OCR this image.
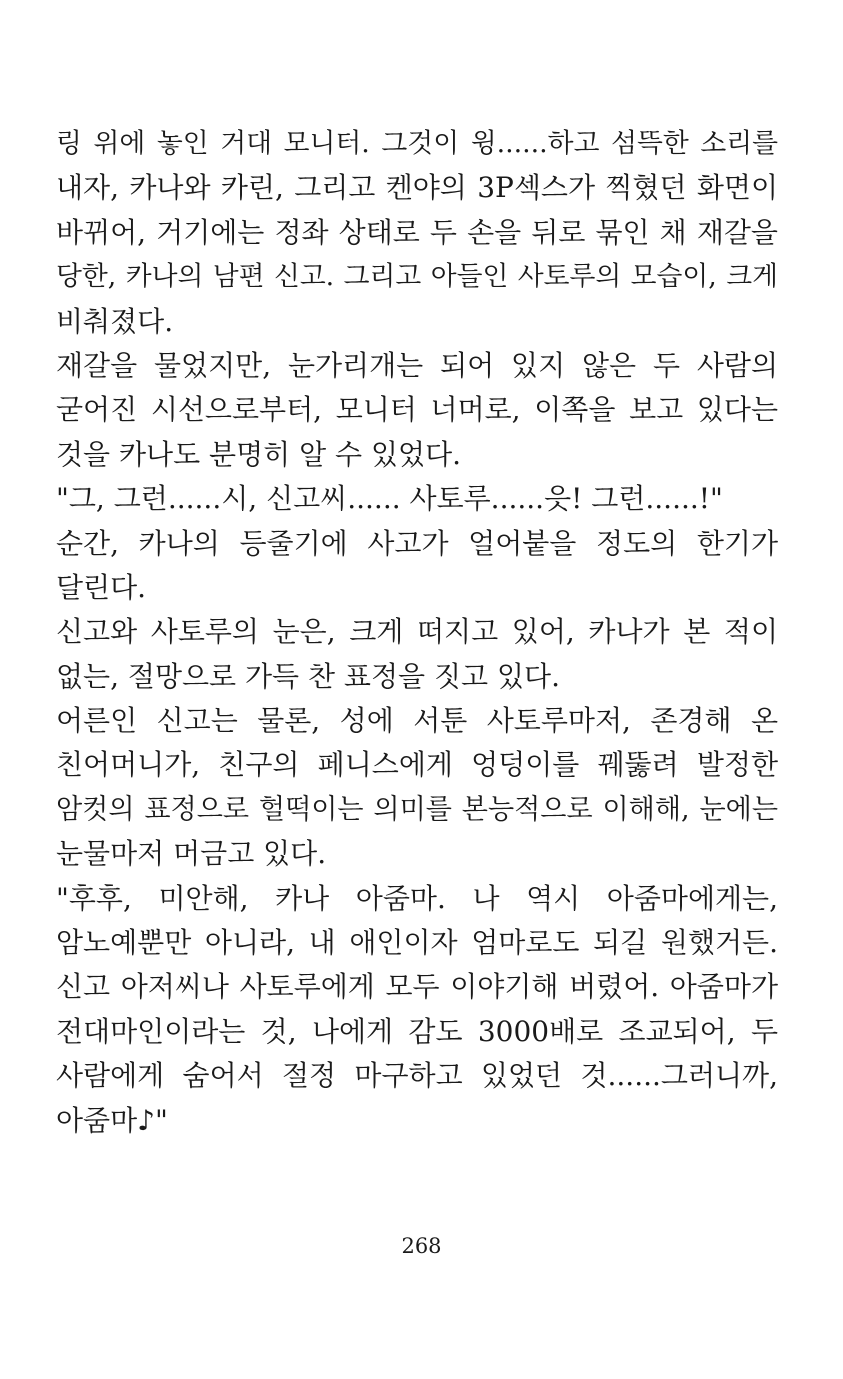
링 위에 놓인 거대 모니터. 그것이 윙......하고 섬뜩한 소리를
내자, 카나와 카린, 그리고 켄야의 3P섹스가 찍혔던 화면이
바뀌어, 거기에는 정좌 상태로 두 손을 뒤로 묶인 채 재갈을
당한, 카나의 남편 신고. 그리고 아들인 사토루의 모습이, 크게
비춰졌다.
재갈을 물었지만, 눈가리개는 되어 있지 않은 두 사람의
굳어진 시선으로부터, 모니터 너머로, 이쪽을 보고 있다는
것을 카나도 분명히 알 수 있었다.
"그, 그런......시, 신고씨...... 사토루......읏! 그런......!"
순간, 카나의 등줄기에 사고가 얼어붙을 정도의 한기가
달린다.
신고와 사토루의 눈은, 크게 떠지고 있어, 카나가 본 적이
없는, 절망으로 가득 찬 표정을 짓고 있다.
어른인 신고는 물론, 성에 서툰 사토루마저, 존경해 온
친어머니가, 친구의 페니스에게 엉덩이를 꿰뚫려 발정한
암컷의 표정으로 헐떡이는 의미를 본능적으로 이해해, 눈에는
눈물마저 머금고 있다.
"후후, 미안해, 카나 아줌마. 나 역시 아줌마에게는,
암노예뿐만 아니라, 내 애인이자 엄마로도 되길 원했거든.
신고 아저씨나 사토루에게 모두 이야기해 버렸어. 아줌마가
전대마인이라는 것, 나에게 감도 3000배로 조교되어, 두
사람에게 숨어서 절정 마구하고 있었던 것......그러니까,
아줌마♪"
268
